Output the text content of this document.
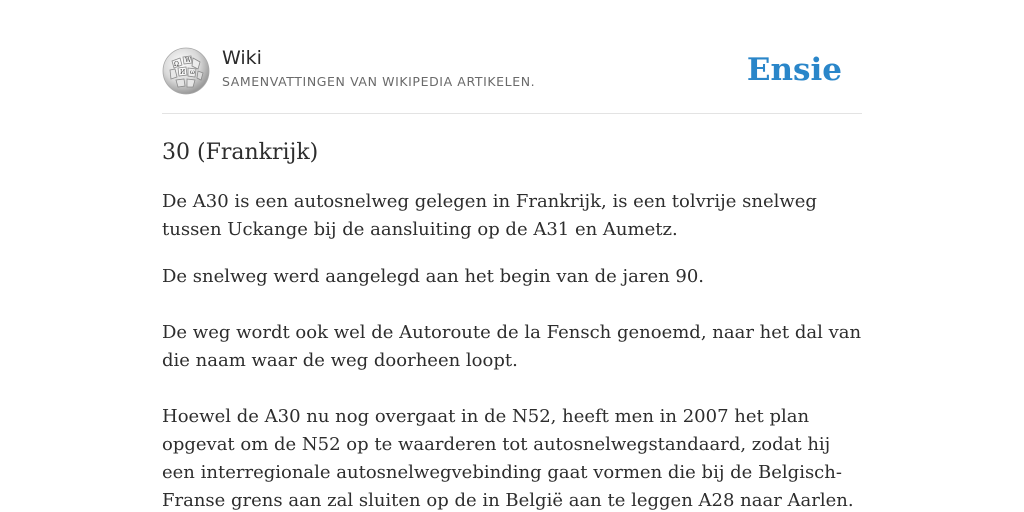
Ω
W
И ω
Wiki
SAMENVATTINGEN VAN WIKIPEDIA ARTIKELEN.	Ensie
30 (Frankrijk)

De A30 is een autosnelweg gelegen in Frankrijk, is een tolvrije snelweg tussen Uckange bij de aansluiting op de A31 en Aumetz.

De snelweg werd aangelegd aan het begin van de jaren 90.

De weg wordt ook wel de Autoroute de la Fensch genoemd, naar het dal van die naam waar de weg doorheen loopt.

Hoewel de A30 nu nog overgaat in de N52, heeft men in 2007 het plan opgevat om de N52 op te waarderen tot autosnelwegstandaard, zodat hij een interregionale autosnelwegvebinding gaat vormen die bij de Belgisch-Franse grens aan zal sluiten op de in België aan te leggen A28 naar Aarlen.
